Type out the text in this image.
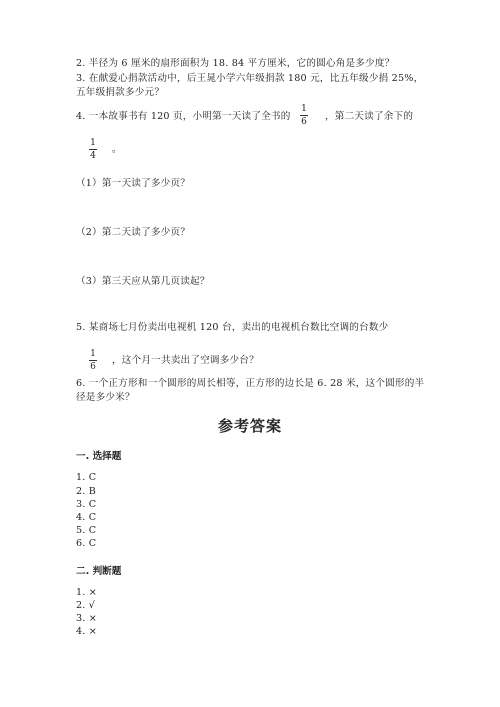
2. 半径为 6 厘米的扇形面积为 18. 84 平方厘米，它的圆心角是多少度？
3. 在献爱心捐款活动中，后王晁小学六年级捐款 180 元，比五年级少捐 25%，
五年级捐款多少元？
4. 一本故事书有 120 页，小明第一天读了全书的
1
6 ，第二天读了余下的
1
4
。
（1）第一天读了多少页？
（2）第二天读了多少页？
（3）第三天应从第几页读起？
5. 某商场七月份卖出电视机 120 台，卖出的电视机台数比空调的台数少
1
6
，这个月一共卖出了空调多少台？
6. 一个正方形和一个圆形的周长相等，正方形的边长是 6. 28 米，这个圆形的半
径是多少米？
参考答案
一. 选择题
1. C
2. B
3. C
4. C
5. C
6. C
二. 判断题
1. ×
2. √
3. ×
4. ×
